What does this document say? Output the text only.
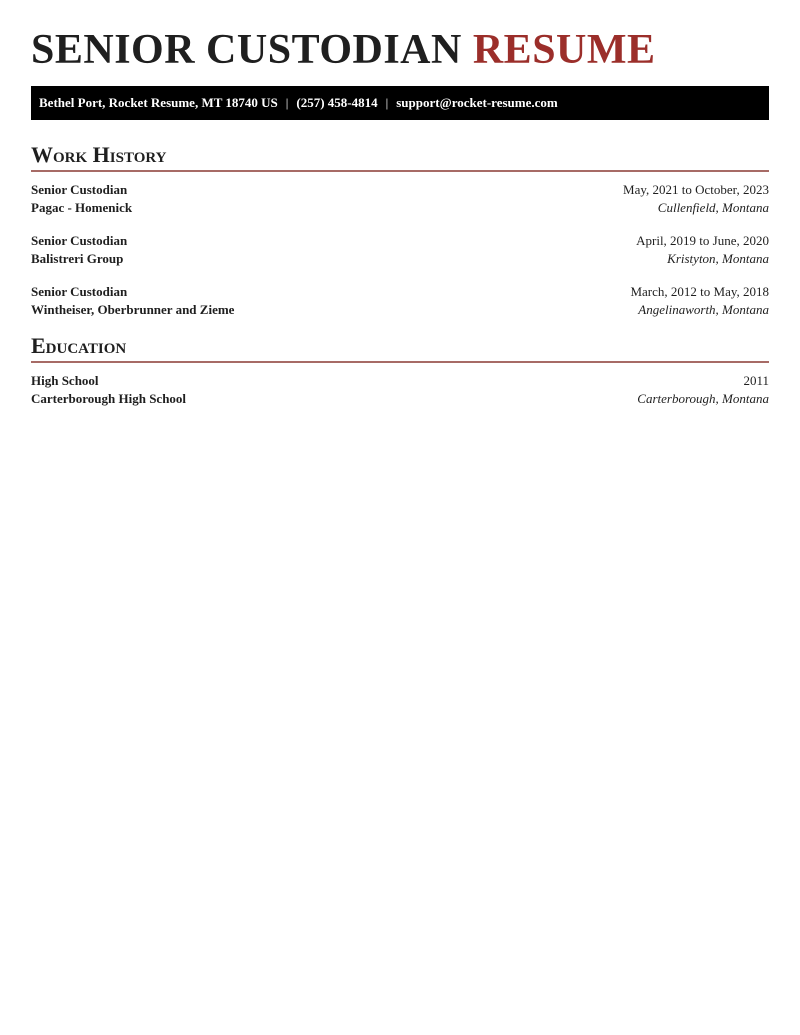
SENIOR CUSTODIAN RESUME
Bethel Port, Rocket Resume, MT 18740 US | (257) 458-4814 | support@rocket-resume.com
Work History
Senior Custodian	May, 2021 to October, 2023
Pagac - Homenick	Cullenfield, Montana
Senior Custodian	April, 2019 to June, 2020
Balistreri Group	Kristyton, Montana
Senior Custodian	March, 2012 to May, 2018
Wintheiser, Oberbrunner and Zieme	Angelinaworth, Montana
Education
High School	2011
Carterborough High School	Carterborough, Montana
